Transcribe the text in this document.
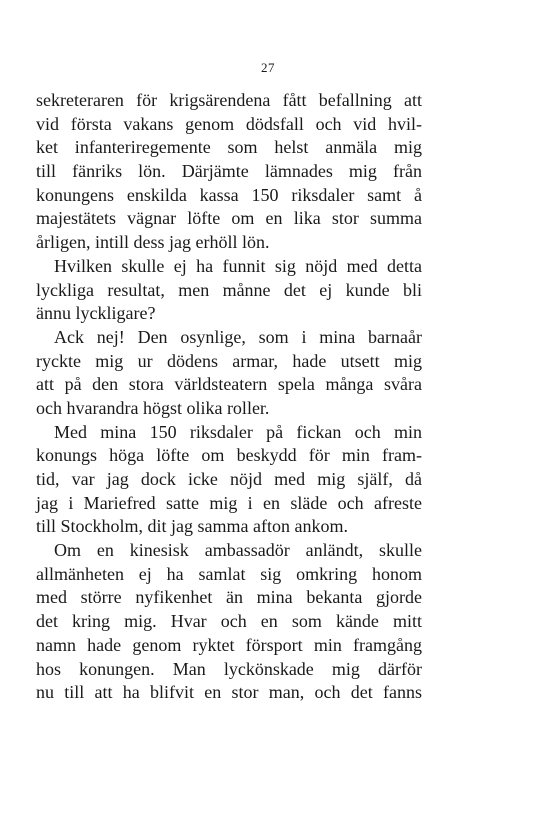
27
sekreteraren för krigsärendena fått befallning att
vid första vakans genom dödsfall och vid hvil-
ket infanteriregemente som helst anmäla mig
till fänriks lön. Därjämte lämnades mig från
konungens enskilda kassa 150 riksdaler samt å
majestätets vägnar löfte om en lika stor summa
årligen, intill dess jag erhöll lön.
Hvilken skulle ej ha funnit sig nöjd med detta
lyckliga resultat, men månne det ej kunde bli
ännu lyckligare?
Ack nej! Den osynlige, som i mina barnaår
ryckte mig ur dödens armar, hade utsett mig
att på den stora världsteatern spela många svåra
och hvarandra högst olika roller.
Med mina 150 riksdaler på fickan och min
konungs höga löfte om beskydd för min fram-
tid, var jag dock icke nöjd med mig själf, då
jag i Mariefred satte mig i en släde och afreste
till Stockholm, dit jag samma afton ankom.
Om en kinesisk ambassadör anländt, skulle
allmänheten ej ha samlat sig omkring honom
med större nyfikenhet än mina bekanta gjorde
det kring mig. Hvar och en som kände mitt
namn hade genom ryktet försport min framgång
hos konungen. Man lyckönskade mig därför
nu till att ha blifvit en stor man, och det fanns
